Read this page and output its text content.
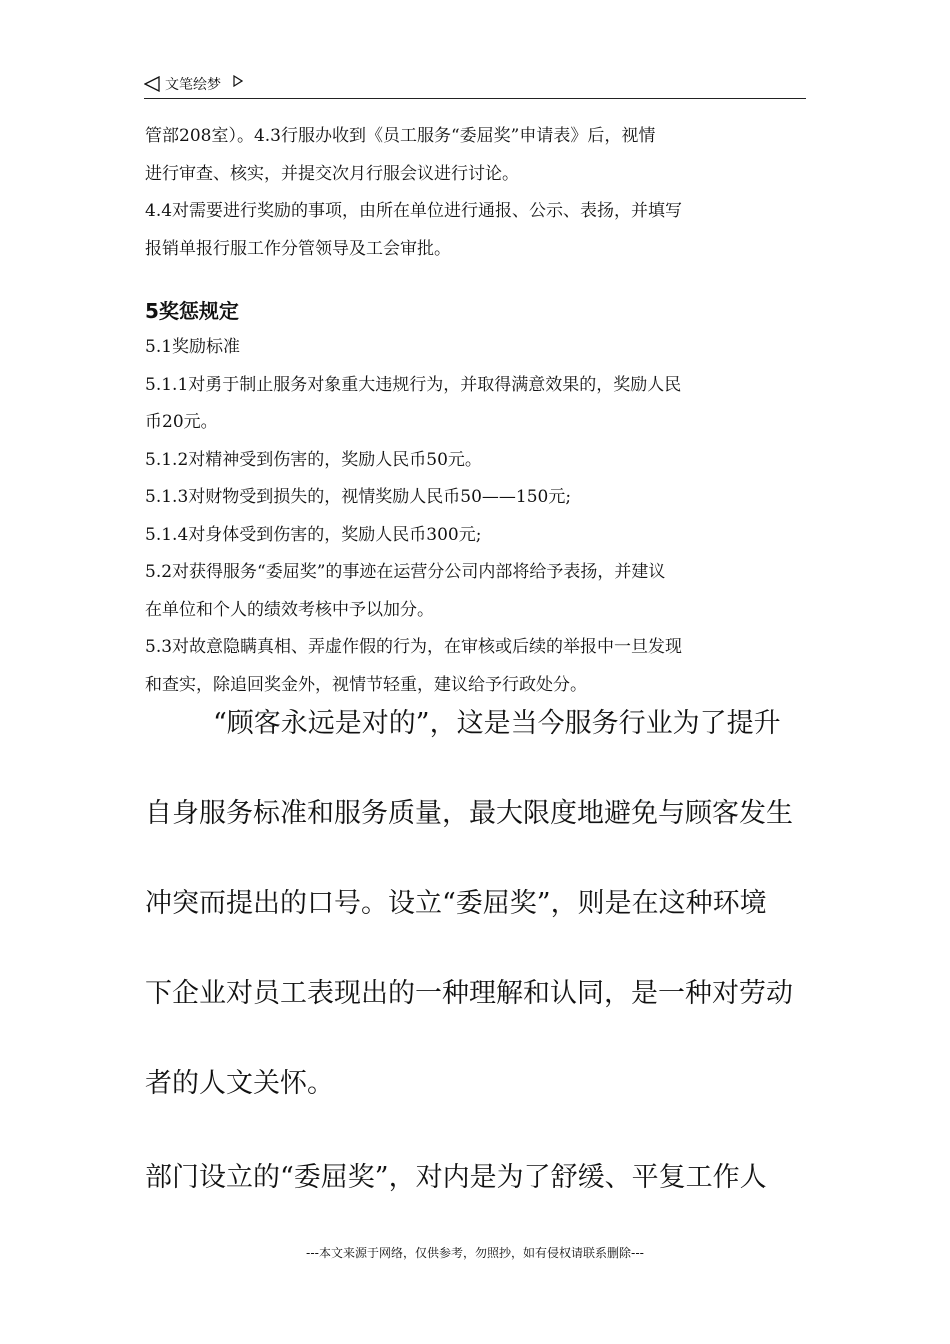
文笔绘梦

管部208室）。4.3行服办收到《员工服务“委屈奖”申请表》后，视情

进行审查、核实，并提交次月行服会议进行讨论。

4.4对需要进行奖励的事项，由所在单位进行通报、公示、表扬，并填写

报销单报行服工作分管领导及工会审批。

5奖惩规定

5.1奖励标准

5.1.1对勇于制止服务对象重大违规行为，并取得满意效果的，奖励人民

币20元。

5.1.2对精神受到伤害的，奖励人民币50元。

5.1.3对财物受到损失的，视情奖励人民币50——150元;

5.1.4对身体受到伤害的，奖励人民币300元;

5.2对获得服务“委屈奖”的事迹在运营分公司内部将给予表扬，并建议

在单位和个人的绩效考核中予以加分。

5.3对故意隐瞒真相、弄虚作假的行为，在审核或后续的举报中一旦发现

和查实，除追回奖金外，视情节轻重，建议给予行政处分。

“顾客永远是对的”，这是当今服务行业为了提升

自身服务标准和服务质量，最大限度地避免与顾客发生

冲突而提出的口号。设立“委屈奖”，则是在这种环境

下企业对员工表现出的一种理解和认同，是一种对劳动

者的人文关怀。

部门设立的“委屈奖”，对内是为了舒缓、平复工作人

---本文来源于网络，仅供参考，勿照抄，如有侵权请联系删除---
